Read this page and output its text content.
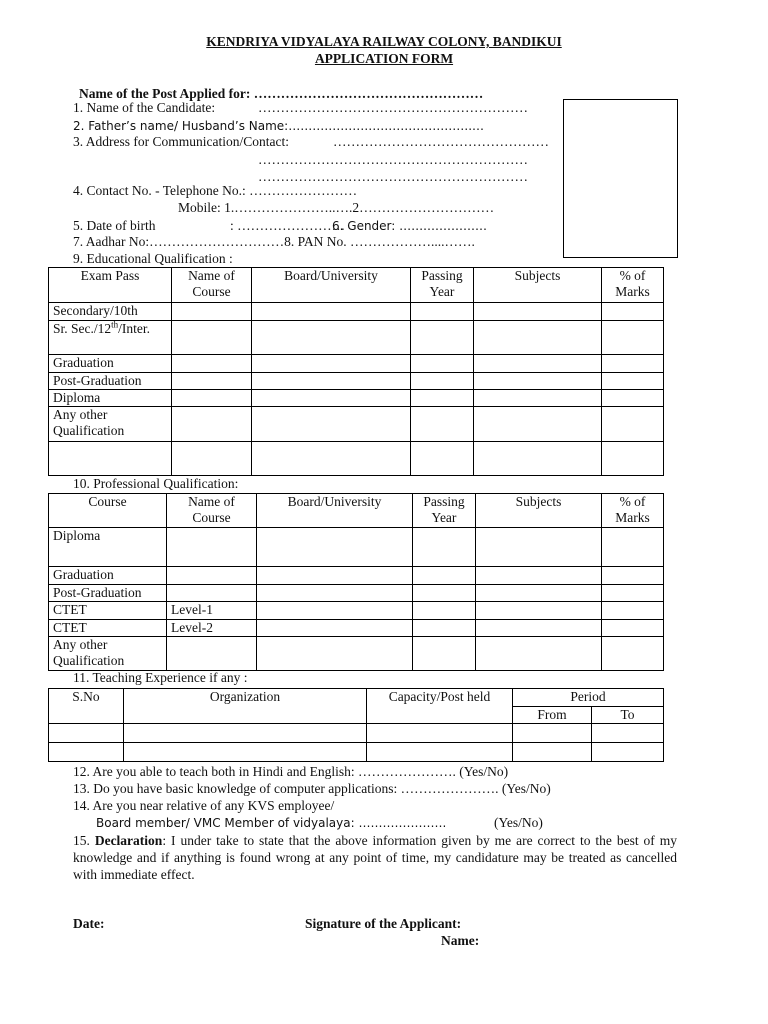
KENDRIYA VIDYALAYA RAILWAY COLONY, BANDIKUI
APPLICATION FORM
Name of the Post Applied for: ……………………………………………
1. Name of the Candidate:	……………………………………………………
2. Father’s name/ Husband’s Name:……………………………………….…
3. Address for Communication/Contact:	…………………………………………
……………………………………………………
……………………………………………………
4. Contact No. - Telephone No.: ……………………
Mobile: 1.…………………..….2…………………………
5. Date of birth	: ……………………
6. Gender: …….……………
7. Aadhar No:…………………………8. PAN No. ………………....…….
9. Educational Qualification :
Exam Pass	Name of Course	Board/University	Passing Year	Subjects	% of Marks
Secondary/10th					
Sr. Sec./12th/Inter.					
Graduation					
Post-Graduation					
Diploma					
Any other Qualification					

10. Professional Qualification:
Course	Name of Course	Board/University	Passing Year	Subjects	% of Marks
Diploma					
Graduation					
Post-Graduation					
CTET	Level-1				
CTET	Level-2				
Any other Qualification					
11. Teaching Experience if any :
S.No	Organization	Capacity/Post held	Period	
			From	To

12. Are you able to teach both in Hindi and English: …………………. (Yes/No)
13. Do you have basic knowledge of computer applications: …………………. (Yes/No)
14. Are you near relative of any KVS employee/
Board member/ VMC Member of vidyalaya: ………………….	(Yes/No)
15. Declaration: I under take to state that the above information given by me are correct to the best of my knowledge and if anything is found wrong at any point of time, my candidature may be treated as cancelled with immediate effect.
Date:	Signature of the Applicant:
Name:
